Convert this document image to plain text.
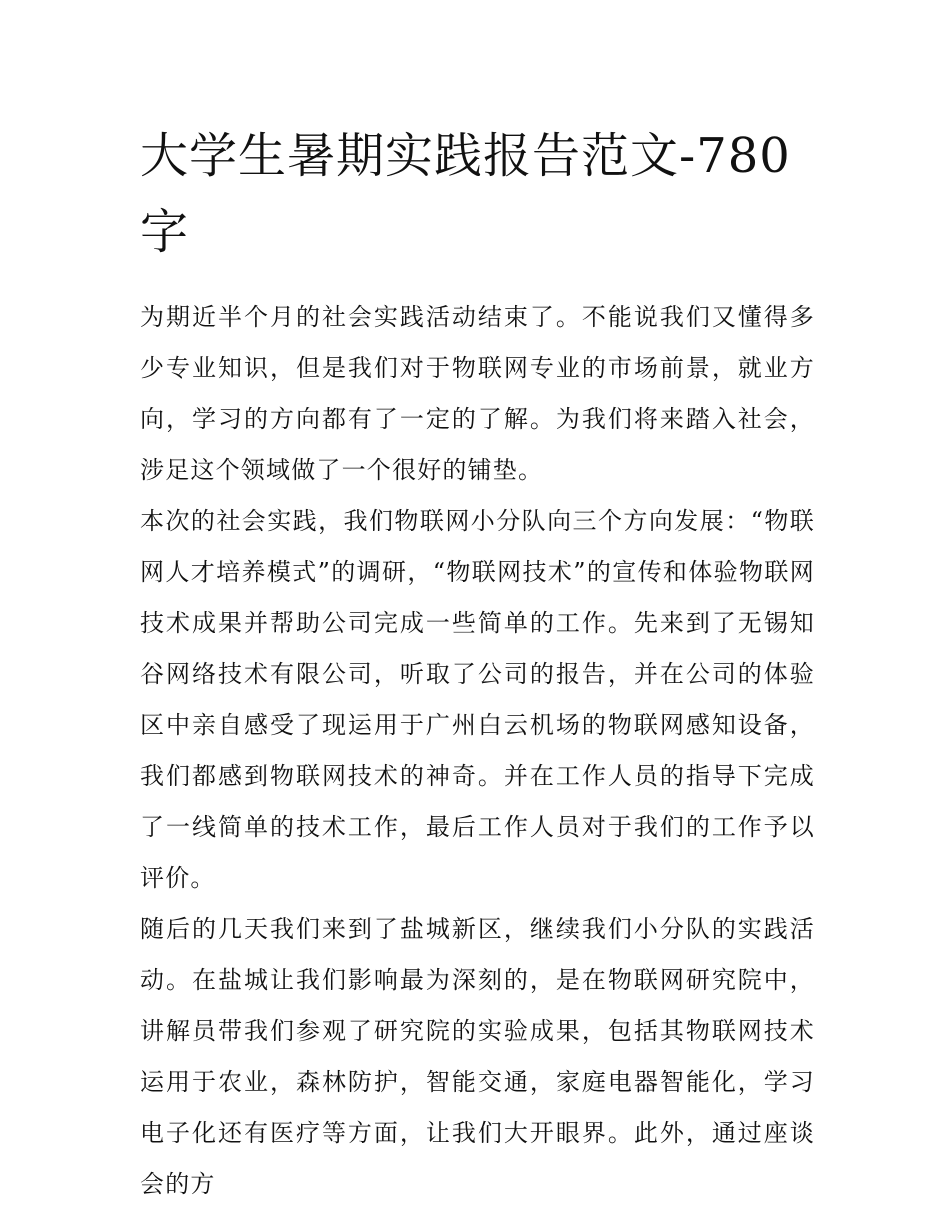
大学生暑期实践报告范文-780字

为期近半个月的社会实践活动结束了。不能说我们又懂得多少专业知识，但是我们对于物联网专业的市场前景，就业方向，学习的方向都有了一定的了解。为我们将来踏入社会，涉足这个领域做了一个很好的铺垫。

本次的社会实践，我们物联网小分队向三个方向发展：“物联网人才培养模式”的调研，“物联网技术”的宣传和体验物联网技术成果并帮助公司完成一些简单的工作。先来到了无锡知谷网络技术有限公司，听取了公司的报告，并在公司的体验区中亲自感受了现运用于广州白云机场的物联网感知设备，我们都感到物联网技术的神奇。并在工作人员的指导下完成了一线简单的技术工作，最后工作人员对于我们的工作予以评价。

随后的几天我们来到了盐城新区，继续我们小分队的实践活动。在盐城让我们影响最为深刻的，是在物联网研究院中，讲解员带我们参观了研究院的实验成果，包括其物联网技术运用于农业，森林防护，智能交通，家庭电器智能化，学习电子化还有医疗等方面，让我们大开眼界。此外，通过座谈会的方
